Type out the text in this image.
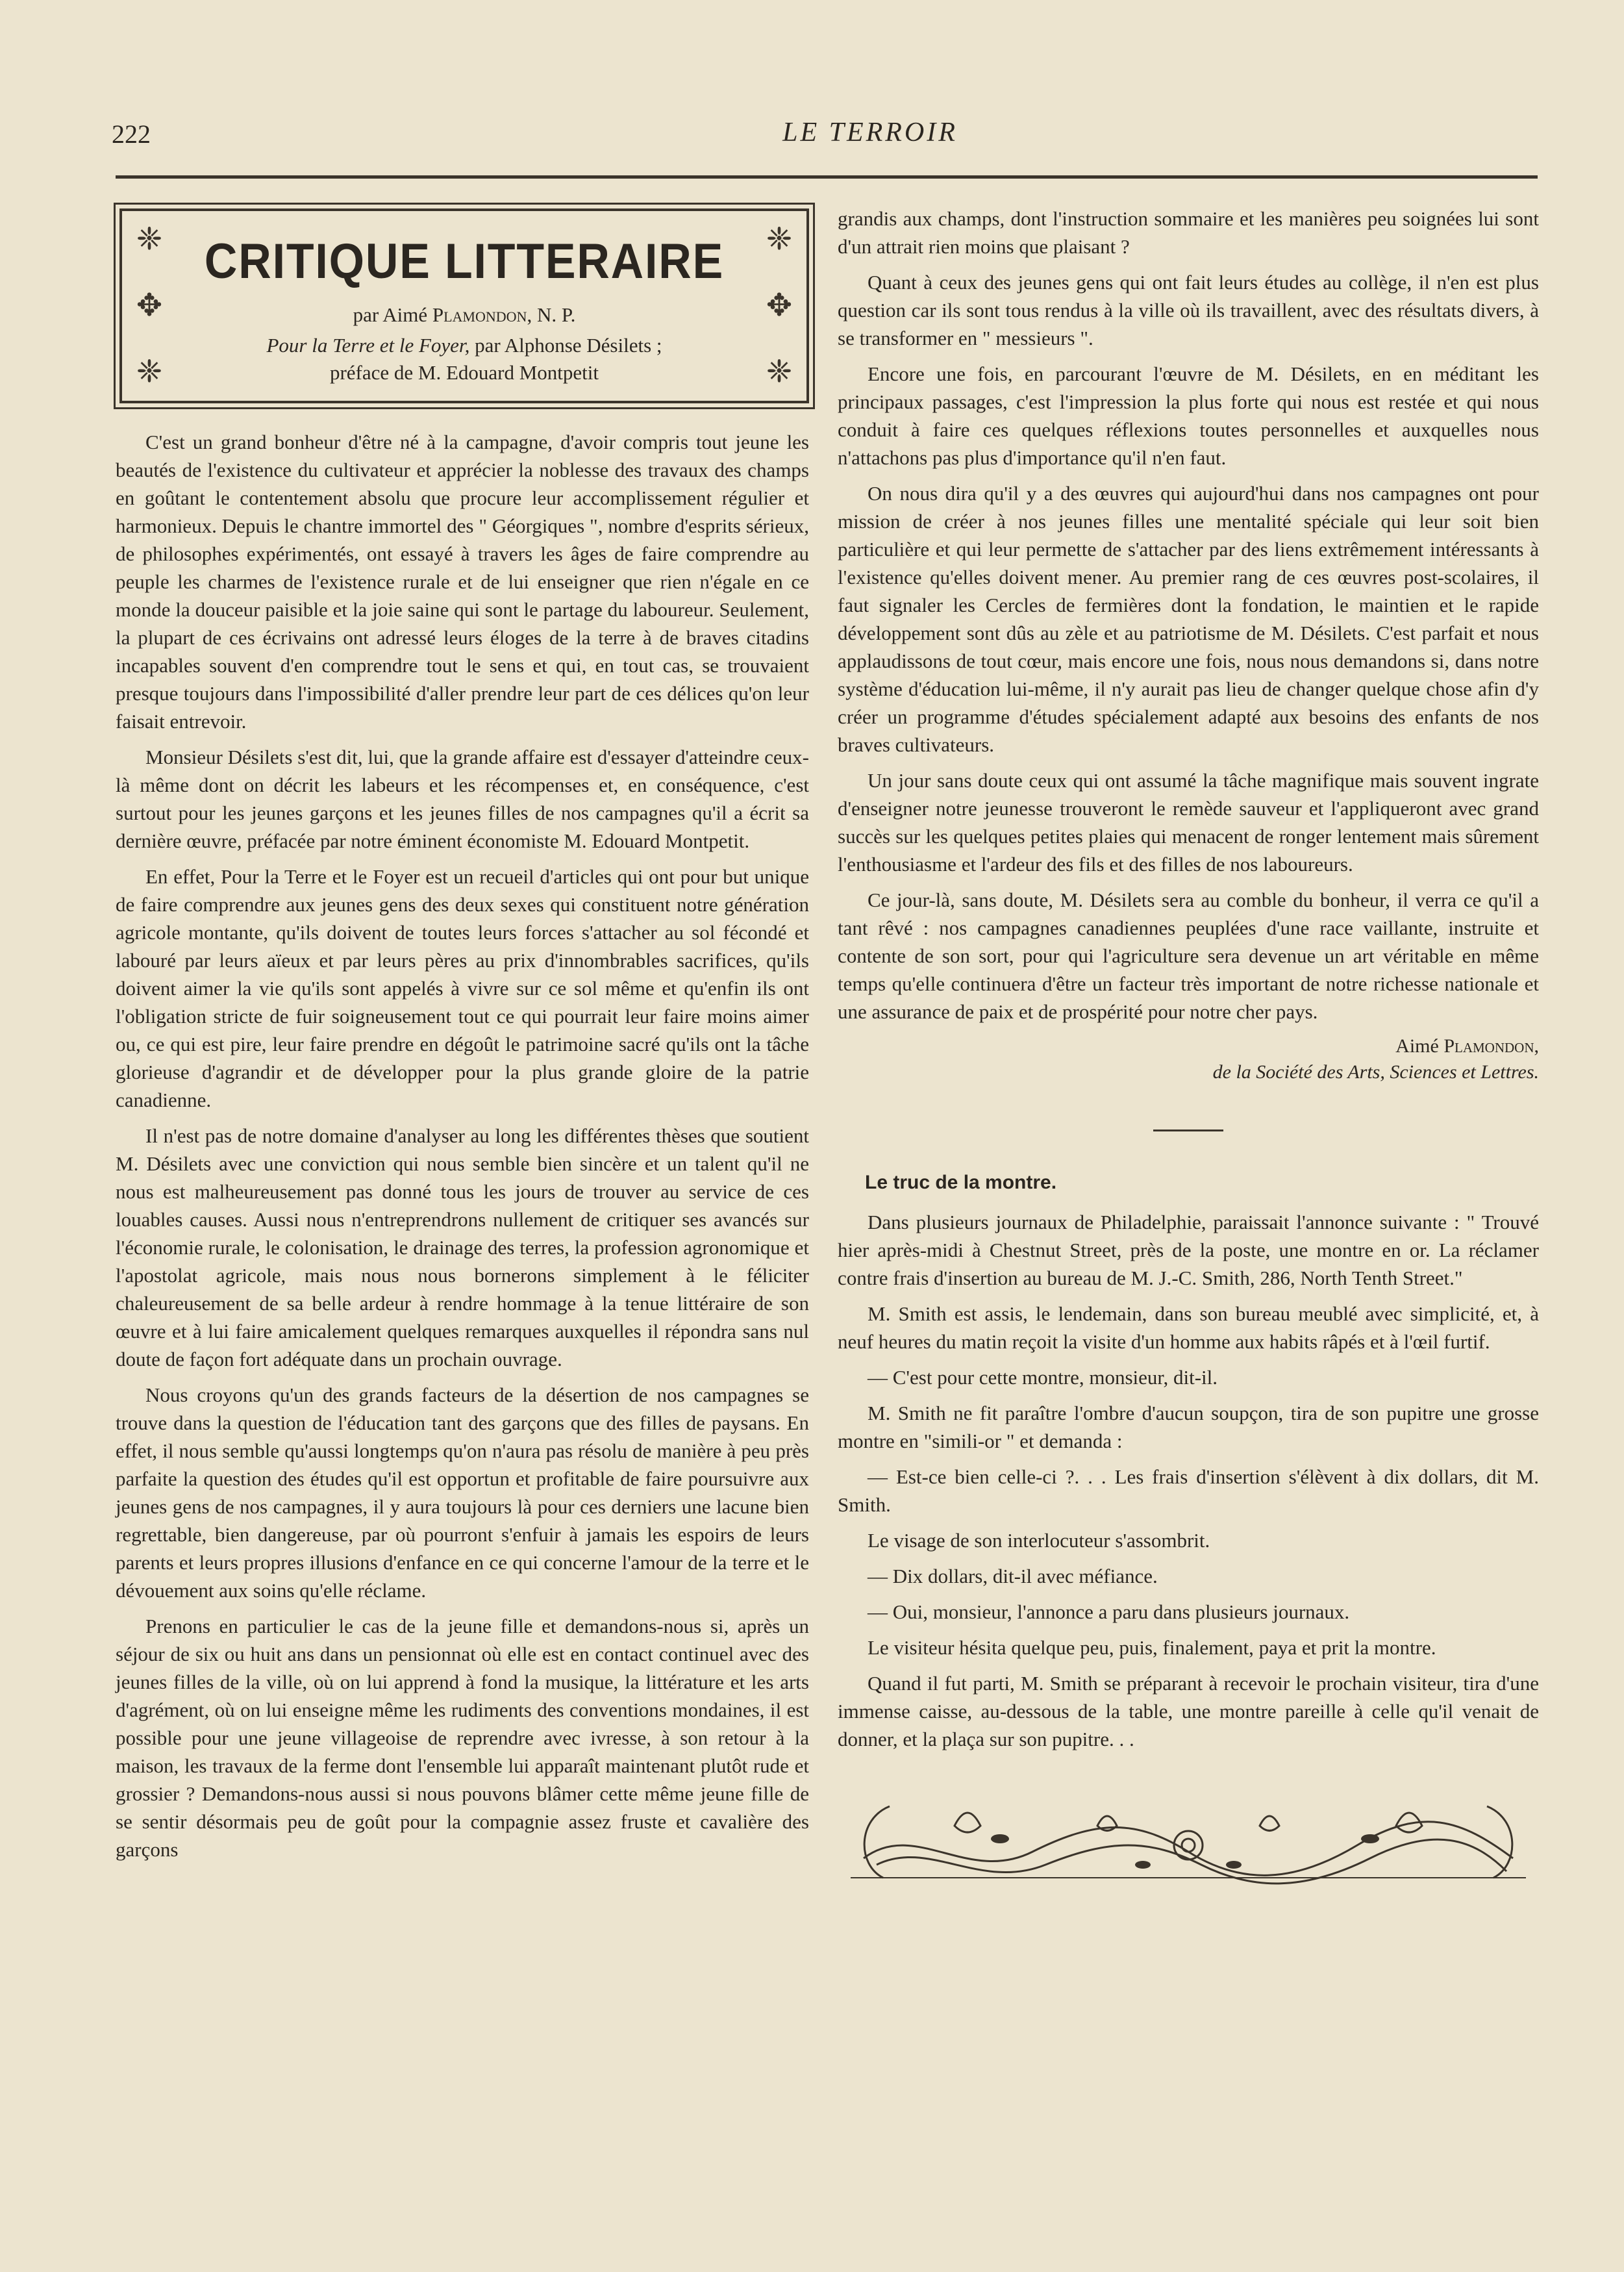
222	LE TERROIR
❈
✥
❈
❈
✥
❈
CRITIQUE LITTERAIRE
par Aimé Plamondon, N. P.
Pour la Terre et le Foyer, par Alphonse Désilets ;
préface de M. Edouard Montpetit

C'est un grand bonheur d'être né à la campagne, d'avoir compris tout jeune les beautés de l'existence du cultivateur et apprécier la noblesse des travaux des champs en goûtant le contentement absolu que procure leur accomplissement régulier et harmonieux. Depuis le chantre immortel des " Géorgiques ", nombre d'esprits sérieux, de philosophes expérimentés, ont essayé à travers les âges de faire comprendre au peuple les charmes de l'existence rurale et de lui enseigner que rien n'égale en ce monde la douceur paisible et la joie saine qui sont le partage du laboureur. Seulement, la plupart de ces écrivains ont adressé leurs éloges de la terre à de braves citadins incapables souvent d'en comprendre tout le sens et qui, en tout cas, se trouvaient presque toujours dans l'impossibilité d'aller prendre leur part de ces délices qu'on leur faisait entrevoir.

Monsieur Désilets s'est dit, lui, que la grande affaire est d'essayer d'atteindre ceux-là même dont on décrit les labeurs et les récompenses et, en conséquence, c'est surtout pour les jeunes garçons et les jeunes filles de nos campagnes qu'il a écrit sa dernière œuvre, préfacée par notre éminent économiste M. Edouard Montpetit.

En effet, Pour la Terre et le Foyer est un recueil d'articles qui ont pour but unique de faire comprendre aux jeunes gens des deux sexes qui constituent notre génération agricole montante, qu'ils doivent de toutes leurs forces s'attacher au sol fécondé et labouré par leurs aïeux et par leurs pères au prix d'innombrables sacrifices, qu'ils doivent aimer la vie qu'ils sont appelés à vivre sur ce sol même et qu'enfin ils ont l'obligation stricte de fuir soigneusement tout ce qui pourrait leur faire moins aimer ou, ce qui est pire, leur faire prendre en dégoût le patrimoine sacré qu'ils ont la tâche glorieuse d'agrandir et de développer pour la plus grande gloire de la patrie canadienne.

Il n'est pas de notre domaine d'analyser au long les différentes thèses que soutient M. Désilets avec une conviction qui nous semble bien sincère et un talent qu'il ne nous est malheureusement pas donné tous les jours de trouver au service de ces louables causes. Aussi nous n'entreprendrons nullement de critiquer ses avancés sur l'économie rurale, le colonisation, le drainage des terres, la profession agronomique et l'apostolat agricole, mais nous nous bornerons simplement à le féliciter chaleureusement de sa belle ardeur à rendre hommage à la tenue littéraire de son œuvre et à lui faire amicalement quelques remarques auxquelles il répondra sans nul doute de façon fort adéquate dans un prochain ouvrage.

Nous croyons qu'un des grands facteurs de la désertion de nos campagnes se trouve dans la question de l'éducation tant des garçons que des filles de paysans. En effet, il nous semble qu'aussi longtemps qu'on n'aura pas résolu de manière à peu près parfaite la question des études qu'il est opportun et profitable de faire poursuivre aux jeunes gens de nos campagnes, il y aura toujours là pour ces derniers une lacune bien regrettable, bien dangereuse, par où pourront s'enfuir à jamais les espoirs de leurs parents et leurs propres illusions d'enfance en ce qui concerne l'amour de la terre et le dévouement aux soins qu'elle réclame.

Prenons en particulier le cas de la jeune fille et demandons-nous si, après un séjour de six ou huit ans dans un pensionnat où elle est en contact continuel avec des jeunes filles de la ville, où on lui apprend à fond la musique, la littérature et les arts d'agrément, où on lui enseigne même les rudiments des conventions mondaines, il est possible pour une jeune villageoise de reprendre avec ivresse, à son retour à la maison, les travaux de la ferme dont l'ensemble lui apparaît maintenant plutôt rude et grossier ? Demandons-nous aussi si nous pouvons blâmer cette même jeune fille de se sentir désormais peu de goût pour la compagnie assez fruste et cavalière des garçons

grandis aux champs, dont l'instruction sommaire et les manières peu soignées lui sont d'un attrait rien moins que plaisant ?

Quant à ceux des jeunes gens qui ont fait leurs études au collège, il n'en est plus question car ils sont tous rendus à la ville où ils travaillent, avec des résultats divers, à se transformer en " messieurs ".

Encore une fois, en parcourant l'œuvre de M. Désilets, en en méditant les principaux passages, c'est l'impression la plus forte qui nous est restée et qui nous conduit à faire ces quelques réflexions toutes personnelles et auxquelles nous n'attachons pas plus d'importance qu'il n'en faut.

On nous dira qu'il y a des œuvres qui aujourd'hui dans nos campagnes ont pour mission de créer à nos jeunes filles une mentalité spéciale qui leur soit bien particulière et qui leur permette de s'attacher par des liens extrêmement intéressants à l'existence qu'elles doivent mener. Au premier rang de ces œuvres post-scolaires, il faut signaler les Cercles de fermières dont la fondation, le maintien et le rapide développement sont dûs au zèle et au patriotisme de M. Désilets. C'est parfait et nous applaudissons de tout cœur, mais encore une fois, nous nous demandons si, dans notre système d'éducation lui-même, il n'y aurait pas lieu de changer quelque chose afin d'y créer un programme d'études spécialement adapté aux besoins des enfants de nos braves cultivateurs.

Un jour sans doute ceux qui ont assumé la tâche magnifique mais souvent ingrate d'enseigner notre jeunesse trouveront le remède sauveur et l'appliqueront avec grand succès sur les quelques petites plaies qui menacent de ronger lentement mais sûrement l'enthousiasme et l'ardeur des fils et des filles de nos laboureurs.

Ce jour-là, sans doute, M. Désilets sera au comble du bonheur, il verra ce qu'il a tant rêvé : nos campagnes canadiennes peuplées d'une race vaillante, instruite et contente de son sort, pour qui l'agriculture sera devenue un art véritable en même temps qu'elle continuera d'être un facteur très important de notre richesse nationale et une assurance de paix et de prospérité pour notre cher pays.

Aimé Plamondon,

de la Société des Arts, Sciences et Lettres.

Le truc de la montre.

Dans plusieurs journaux de Philadelphie, paraissait l'annonce suivante : " Trouvé hier après-midi à Chestnut Street, près de la poste, une montre en or. La réclamer contre frais d'insertion au bureau de M. J.-C. Smith, 286, North Tenth Street."

M. Smith est assis, le lendemain, dans son bureau meublé avec simplicité, et, à neuf heures du matin reçoit la visite d'un homme aux habits râpés et à l'œil furtif.

— C'est pour cette montre, monsieur, dit-il.

M. Smith ne fit paraître l'ombre d'aucun soupçon, tira de son pupitre une grosse montre en "simili-or " et demanda :

— Est-ce bien celle-ci ?. . . Les frais d'insertion s'élèvent à dix dollars, dit M. Smith.

Le visage de son interlocuteur s'assombrit.

— Dix dollars, dit-il avec méfiance.

— Oui, monsieur, l'annonce a paru dans plusieurs journaux.

Le visiteur hésita quelque peu, puis, finalement, paya et prit la montre.

Quand il fut parti, M. Smith se préparant à recevoir le prochain visiteur, tira d'une immense caisse, au-dessous de la table, une montre pareille à celle qu'il venait de donner, et la plaça sur son pupitre. . .
